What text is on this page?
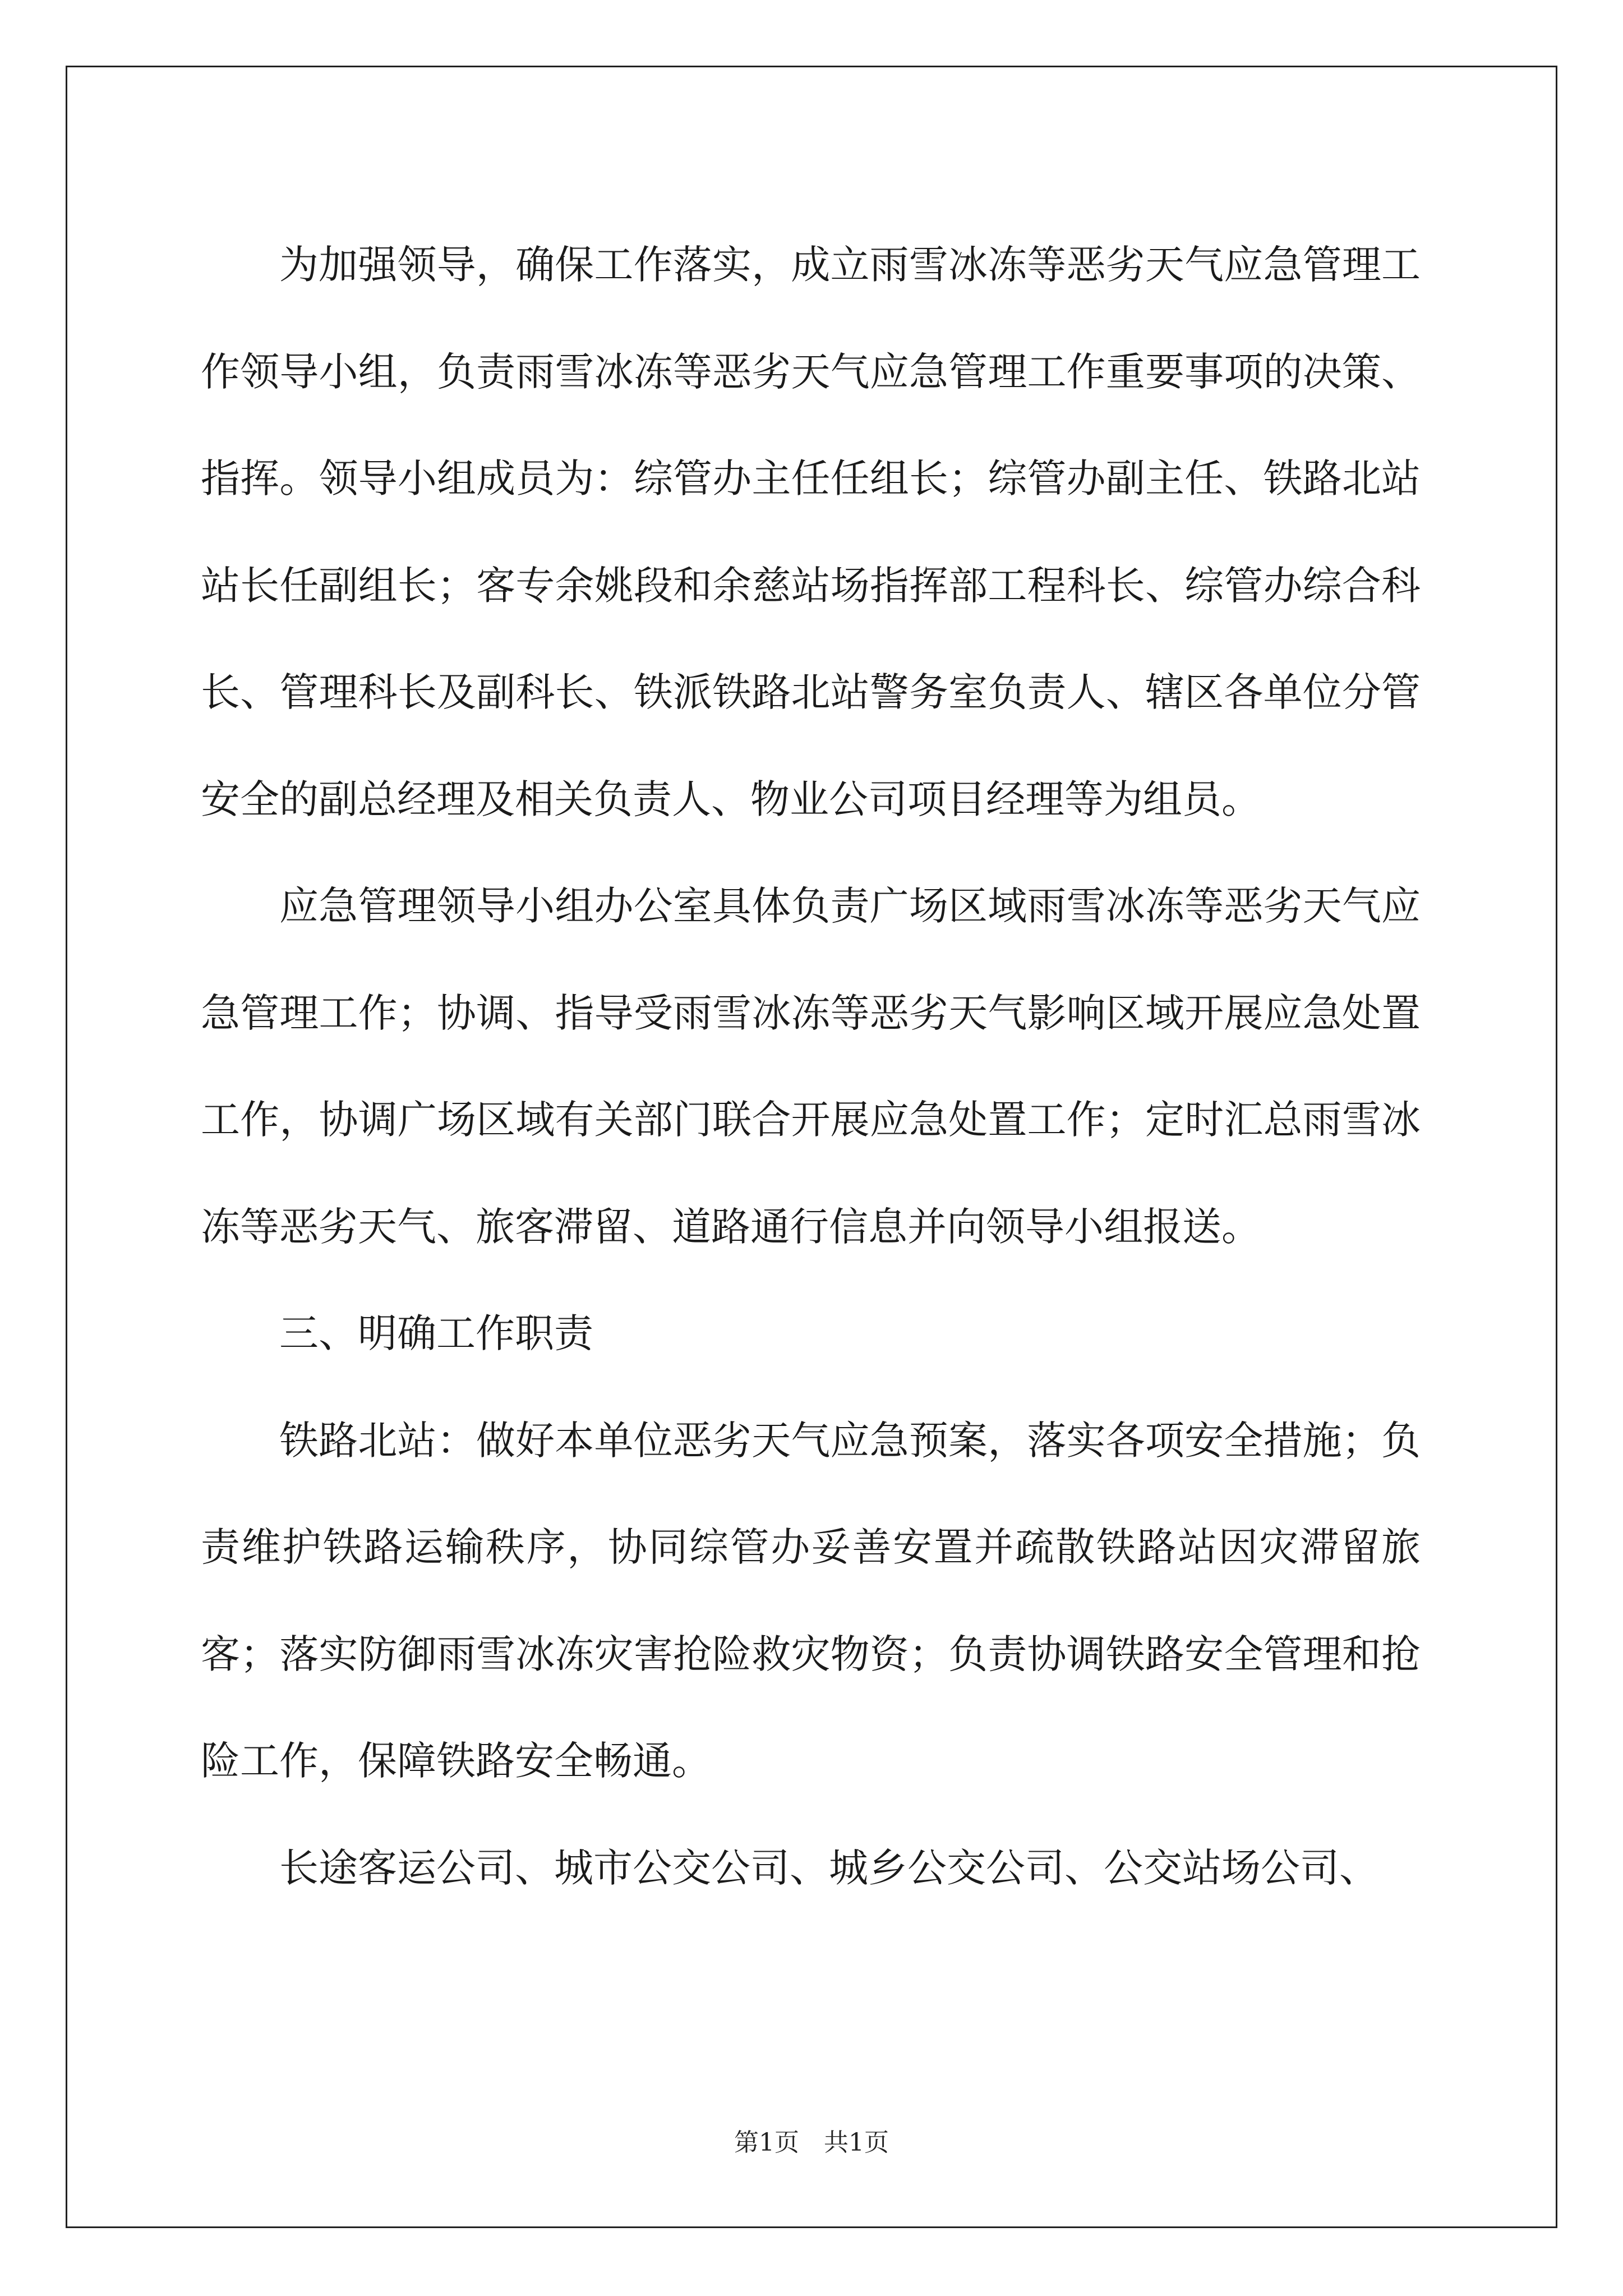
为加强领导，确保工作落实，成立雨雪冰冻等恶劣天气应急管理工作领导小组，负责雨雪冰冻等恶劣天气应急管理工作重要事项的决策、指挥。领导小组成员为：综管办主任任组长；综管办副主任、铁路北站站长任副组长；客专余姚段和余慈站场指挥部工程科长、综管办综合科长、管理科长及副科长、铁派铁路北站警务室负责人、辖区各单位分管安全的副总经理及相关负责人、物业公司项目经理等为组员。

应急管理领导小组办公室具体负责广场区域雨雪冰冻等恶劣天气应急管理工作；协调、指导受雨雪冰冻等恶劣天气影响区域开展应急处置工作，协调广场区域有关部门联合开展应急处置工作；定时汇总雨雪冰冻等恶劣天气、旅客滞留、道路通行信息并向领导小组报送。

三、明确工作职责

铁路北站：做好本单位恶劣天气应急预案，落实各项安全措施；负责维护铁路运输秩序，协同综管办妥善安置并疏散铁路站因灾滞留旅客；落实防御雨雪冰冻灾害抢险救灾物资；负责协调铁路安全管理和抢险工作，保障铁路安全畅通。

长途客运公司、城市公交公司、城乡公交公司、公交站场公司、

第1页　共1页
